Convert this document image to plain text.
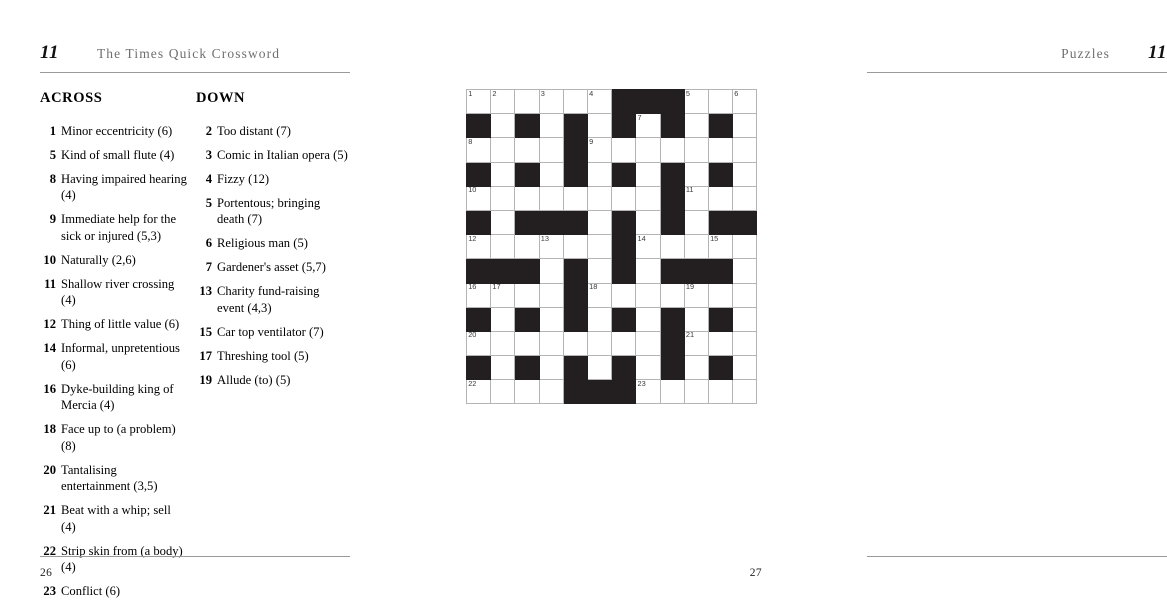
11	The Times Quick Crossword
ACROSS
1 Minor eccentricity (6)
5 Kind of small flute (4)
8 Having impaired hearing (4)
9 Immediate help for the sick or injured (5,3)
10 Naturally (2,6)
11 Shallow river crossing (4)
12 Thing of little value (6)
14 Informal, unpretentious (6)
16 Dyke-building king of Mercia (4)
18 Face up to (a problem) (8)
20 Tantalising entertainment (3,5)
21 Beat with a whip; sell (4)
22 Strip skin from (a body) (4)
23 Conflict (6)
DOWN
2 Too distant (7)
3 Comic in Italian opera (5)
4 Fizzy (12)
5 Portentous; bringing death (7)
6 Religious man (5)
7 Gardener's asset (5,7)
13 Charity fund-raising event (4,3)
15 Car top ventilator (7)
17 Threshing tool (5)
19 Allude (to) (5)
26
Puzzles 11
27
1	2		3		4				5		6

							7				

8					9						

10									11		

12			13				14			15	

16	17				18				19		

20									21		

22							23				
